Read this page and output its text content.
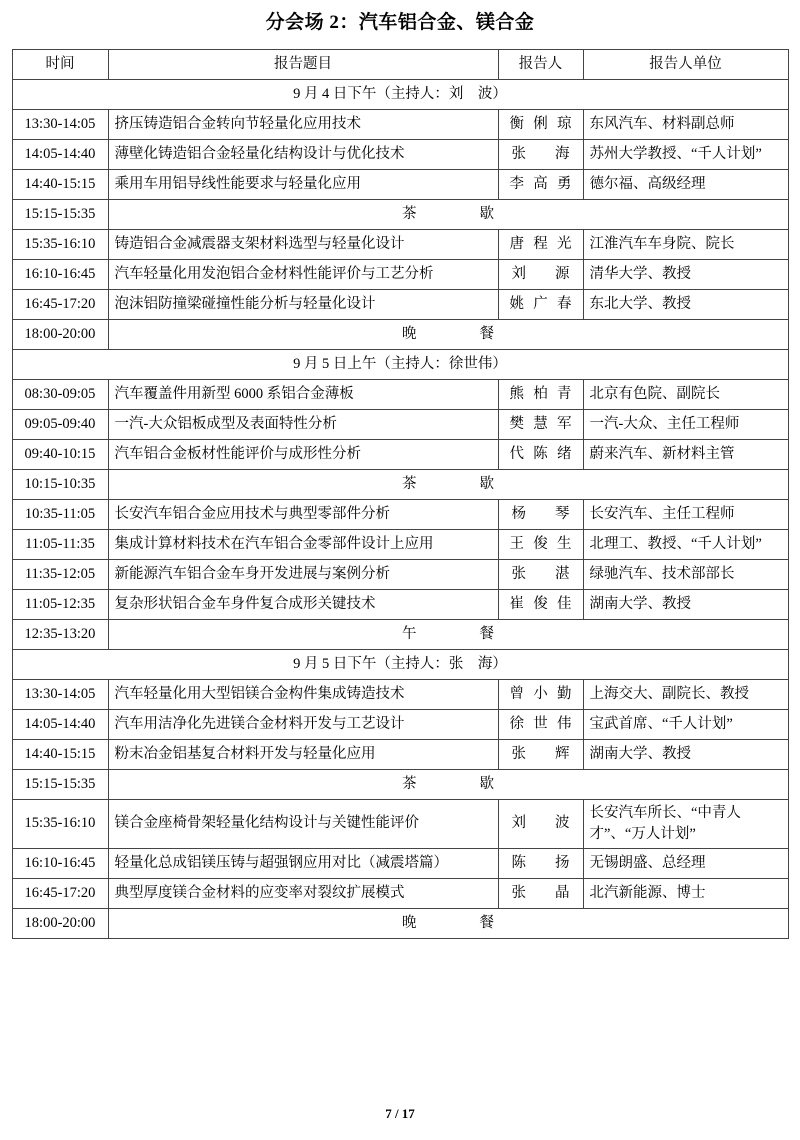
分会场 2：汽车铝合金、镁合金
时间	报告题目	报告人	报告人单位
9 月 4 日下午（主持人：刘　波）			
13:30-14:05	挤压铸造铝合金转向节轻量化应用技术	衡 俐 琼	东风汽车、材料副总师
14:05-14:40	薄壁化铸造铝合金轻量化结构设计与优化技术	张 海	苏州大学教授、“千人计划”
14:40-15:15	乘用车用铝导线性能要求与轻量化应用	李 高 勇	德尔福、高级经理
15:15-15:35	茶 歇		

15:35-16:10	铸造铝合金减震器支架材料选型与轻量化设计	唐 程 光	江淮汽车车身院、院长
16:10-16:45	汽车轻量化用发泡铝合金材料性能评价与工艺分析	刘 源	清华大学、教授
16:45-17:20	泡沫铝防撞梁碰撞性能分析与轻量化设计	姚 广 春	东北大学、教授
18:00-20:00	晚 餐		

9 月 5 日上午（主持人：徐世伟）			
08:30-09:05	汽车覆盖件用新型 6000 系铝合金薄板	熊 柏 青	北京有色院、副院长
09:05-09:40	一汽-大众铝板成型及表面特性分析	樊 慧 军	一汽-大众、主任工程师
09:40-10:15	汽车铝合金板材性能评价与成形性分析	代 陈 绪	蔚来汽车、新材料主管
10:15-10:35	茶 歇		

10:35-11:05	长安汽车铝合金应用技术与典型零部件分析	杨 琴	长安汽车、主任工程师
11:05-11:35	集成计算材料技术在汽车铝合金零部件设计上应用	王 俊 生	北理工、教授、“千人计划”
11:35-12:05	新能源汽车铝合金车身开发进展与案例分析	张 湛	绿驰汽车、技术部部长
11:05-12:35	复杂形状铝合金车身件复合成形关键技术	崔 俊 佳	湖南大学、教授
12:35-13:20	午 餐		

9 月 5 日下午（主持人：张　海）			
13:30-14:05	汽车轻量化用大型铝镁合金构件集成铸造技术	曾 小 勤	上海交大、副院长、教授
14:05-14:40	汽车用洁净化先进镁合金材料开发与工艺设计	徐 世 伟	宝武首席、“千人计划”
14:40-15:15	粉末冶金铝基复合材料开发与轻量化应用	张 辉	湖南大学、教授
15:15-15:35	茶 歇		

15:35-16:10	镁合金座椅骨架轻量化结构设计与关键性能评价	刘 波	长安汽车所长、“中青人才”、“万人计划”
16:10-16:45	轻量化总成铝镁压铸与超强钢应用对比（减震塔篇）	陈 扬	无锡朗盛、总经理
16:45-17:20	典型厚度镁合金材料的应变率对裂纹扩展模式	张 晶	北汽新能源、博士
18:00-20:00	晚 餐		
7 / 17
